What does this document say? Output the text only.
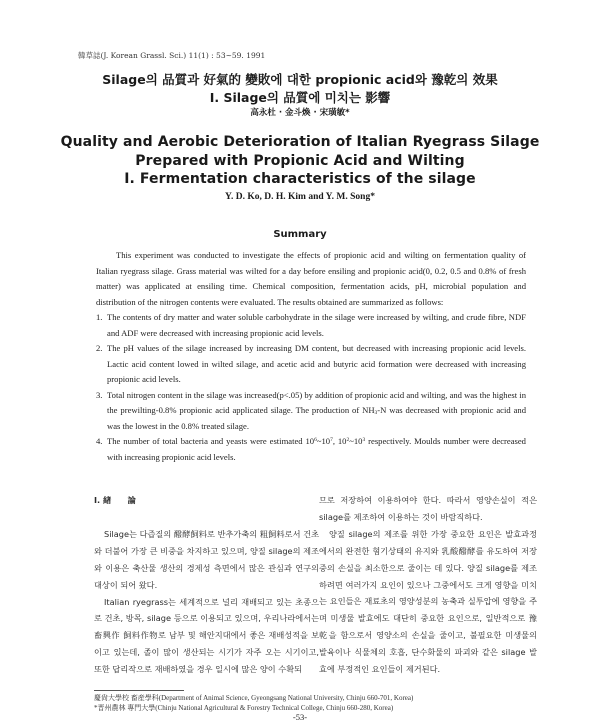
韓草誌(J. Korean Grassl. Sci.) 11(1) : 53~59. 1991
Silage의 品質과 好氣的 變敗에 대한 propionic acid와 豫乾의 效果
Ⅰ. Silage의 品質에 미치는 影響
高永杜 · 金斗煥 · 宋璜敏*
Quality and Aerobic Deterioration of Italian Ryegrass Silage
Prepared with Propionic Acid and Wilting
Ⅰ. Fermentation characteristics of the silage
Y. D. Ko, D. H. Kim and Y. M. Song*
Summary

This experiment was conducted to investigate the effects of propionic acid and wilting on fermentation quality of Italian ryegrass silage. Grass material was wilted for a day before ensiling and propionic acid(0, 0.2, 0.5 and 0.8% of fresh matter) was applicated at ensiling time. Chemical composition, fermentation acids, pH, microbial population and distribution of the nitrogen contents were evaluated. The results obtained are summarized as follows:

1. The contents of dry matter and water soluble carbohydrate in the silage were increased by wilting, and crude fibre, NDF and ADF were decreased with increasing propionic acid levels.
2. The pH values of the silage increased by increasing DM content, but decreased with increasing propionic acid levels. Lactic acid content lowed in wilted silage, and acetic acid and butyric acid formation were decreased with increasing propionic acid levels.
3. Total nitrogen content in the silage was increased(p<.05) by addition of propionic acid and wilting, and was the highest in the prewilting-0.8% propionic acid applicated silage. The production of $NH_3-N$ was decreased with propionic acid and was the lowest in the 0.8% treated silage.
4. The number of total bacteria and yeasts were estimated $10^6\sim 10^7$, $10^2\sim 10^3$ respectively. Moulds number were decreased with increasing propionic acid levels.

Ⅰ. 緖　　論

Silage는 다즙질의 醱酵飼料로 반추가축의 粗飼料로서 건초와 더불어 가장 큰 비중을 차지하고 있으며, 양질 silage의 제조와 이용은 축산물 생산의 경제성 측면에서 많은 관심과 연구의 대상이 되어 왔다.

Italian ryegrass는 세계적으로 널리 재배되고 있는 초종으로 건초, 방목, silage 등으로 이용되고 있으며, 우리나라에서는 畜興作 飼料作物로 남부 및 해안지대에서 좋은 재배성적을 보이고 있는데, 졸이 많이 생산되는 시기가 자주 오는 시기이고, 또한 답리작으로 재배하였을 경우 일시에 많은 양이 수확되

므로 저장하여 이용하여야 한다. 따라서 영양손실이 적은 silage를 제조하여 이용하는 것이 바람직하다.

양질 silage의 제조를 위한 가장 중요한 요인은 발효과정에서의 완전한 혐기상태의 유지와 乳酸醱酵를 유도하여 저장중의 손실을 최소한으로 줄이는 데 있다. 양질 silage를 제조하려면 여러가지 요인이 있으나 그중에서도 크게 영향을 미치는 요인들은 재료초의 영양성분의 농축과 실투압에 영향을 주며 미생물 발효에도 대단히 중요한 요인으로, 일반적으로 豫乾을 함으로서 영양소의 손실을 줄이고, 불필요한 미생물의 발육이나 식물체의 호흡, 단수화물의 파괴와 같은 silage 발효에 부정적인 요인들이 제거된다.

慶尙大學校 畜産學科(Department of Animal Science, Gyeongsang National University, Chinju 660-701, Korea)
*晋州農林 專門大學(Chinju National Agricultural & Forestry Technical College, Chinju 660-280, Korea)
-53-
